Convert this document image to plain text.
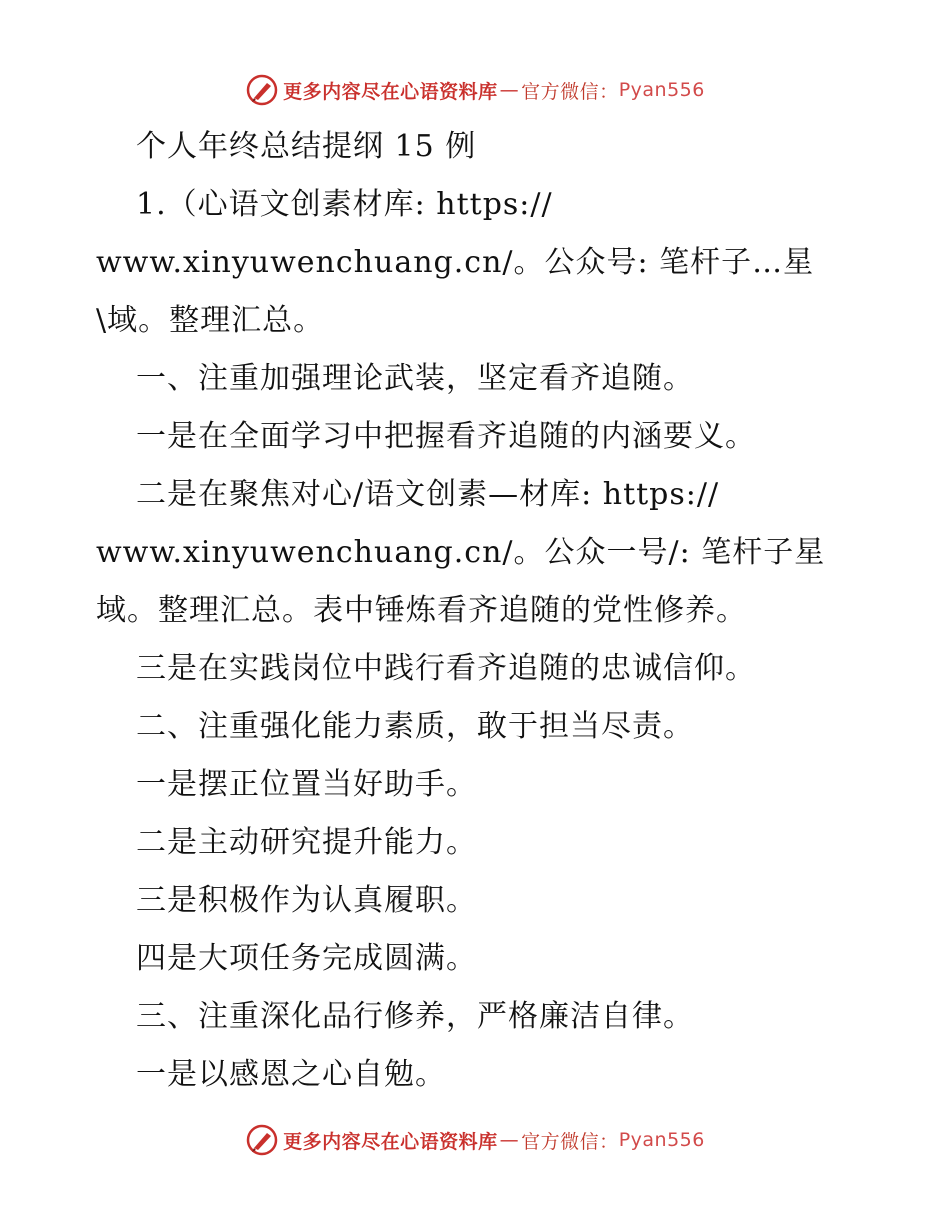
更多内容尽在心语资料库 — 官方微信： Pyan556
个人年终总结提纲 15 例
1.（心语文创素材库: https://
www.xinyuwenchuang.cn/。公众号: 笔杆子…星
\域。整理汇总。
一、注重加强理论武装，坚定看齐追随。
一是在全面学习中把握看齐追随的内涵要义。
二是在聚焦对心/语文创素—材库: https://
www.xinyuwenchuang.cn/。公众一号/: 笔杆子星
域。整理汇总。表中锤炼看齐追随的党性修养。
三是在实践岗位中践行看齐追随的忠诚信仰。
二、注重强化能力素质，敢于担当尽责。
一是摆正位置当好助手。
二是主动研究提升能力。
三是积极作为认真履职。
四是大项任务完成圆满。
三、注重深化品行修养，严格廉洁自律。
一是以感恩之心自勉。
更多内容尽在心语资料库 — 官方微信： Pyan556
